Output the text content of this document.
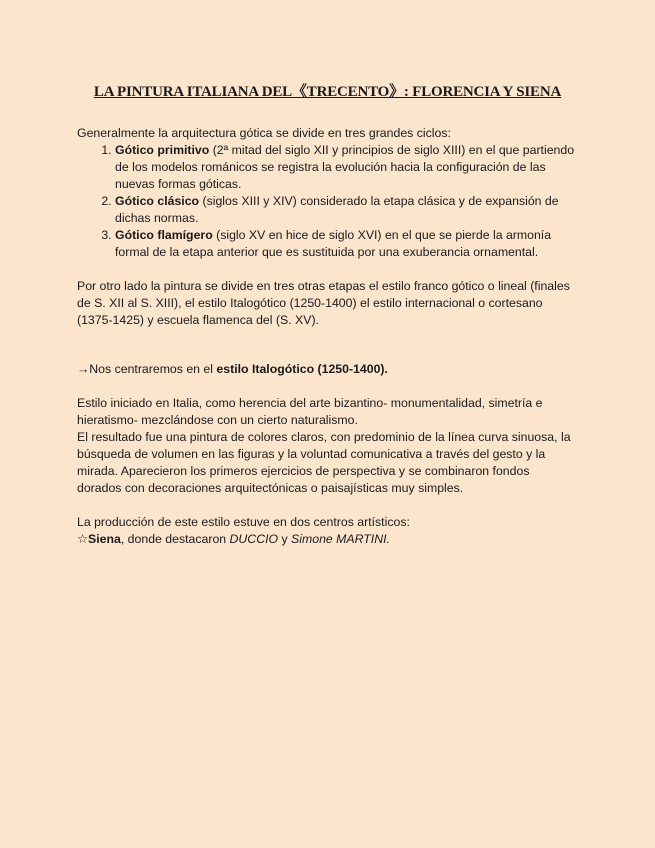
LA PINTURA ITALIANA DEL《TRECENTO》: FLORENCIA Y SIENA

Generalmente la arquitectura gótica se divide en tres grandes ciclos:

1. Gótico primitivo (2ª mitad del siglo XII y principios de siglo XIII) en el que partiendo de los modelos románicos se registra la evolución hacia la configuración de las nuevas formas góticas.
2. Gótico clásico (siglos XIII y XIV) considerado la etapa clásica y de expansión de dichas normas.
3. Gótico flamígero (siglo XV en hice de siglo XVI) en el que se pierde la armonía formal de la etapa anterior que es sustituida por una exuberancia ornamental.

Por otro lado la pintura se divide en tres otras etapas el estilo franco gótico o lineal (finales de S. XII al S. XIII), el estilo Italogótico (1250-1400) el estilo internacional o cortesano (1375-1425) y escuela flamenca del (S. XV).

→Nos centraremos en el estilo Italogótico (1250-1400).

Estilo iniciado en Italia, como herencia del arte bizantino- monumentalidad, simetría e hieratismo- mezclándose con un cierto naturalismo.

El resultado fue una pintura de colores claros, con predominio de la línea curva sinuosa, la búsqueda de volumen en las figuras y la voluntad comunicativa a través del gesto y la mirada. Aparecieron los primeros ejercicios de perspectiva y se combinaron fondos dorados con decoraciones arquitectónicas o paisajísticas muy simples.

La producción de este estilo estuve en dos centros artísticos:

☆Siena, donde destacaron DUCCIO y Simone MARTINI.
